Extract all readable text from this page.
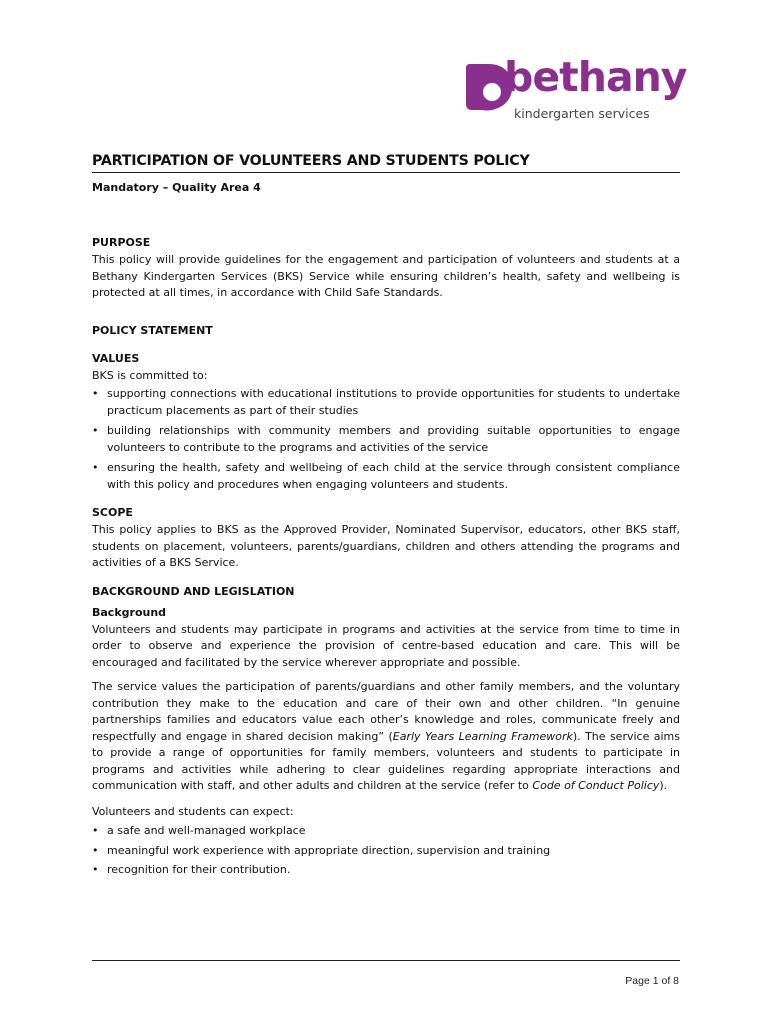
bethany
kindergarten services
PARTICIPATION OF VOLUNTEERS AND STUDENTS POLICY
Mandatory – Quality Area 4
PURPOSE

This policy will provide guidelines for the engagement and participation of volunteers and students at a Bethany Kindergarten Services (BKS) Service while ensuring children’s health, safety and wellbeing is protected at all times, in accordance with Child Safe Standards.

POLICY STATEMENT
VALUES

BKS is committed to:

• supporting connections with educational institutions to provide opportunities for students to undertake practicum placements as part of their studies
• building relationships with community members and providing suitable opportunities to engage volunteers to contribute to the programs and activities of the service
• ensuring the health, safety and wellbeing of each child at the service through consistent compliance with this policy and procedures when engaging volunteers and students.
SCOPE

This policy applies to BKS as the Approved Provider, Nominated Supervisor, educators, other BKS staff, students on placement, volunteers, parents/guardians, children and others attending the programs and activities of a BKS Service.

BACKGROUND AND LEGISLATION
Background

Volunteers and students may participate in programs and activities at the service from time to time in order to observe and experience the provision of centre-based education and care. This will be encouraged and facilitated by the service wherever appropriate and possible.

The service values the participation of parents/guardians and other family members, and the voluntary contribution they make to the education and care of their own and other children. “In genuine partnerships families and educators value each other’s knowledge and roles, communicate freely and respectfully and engage in shared decision making” (Early Years Learning Framework). The service aims to provide a range of opportunities for family members, volunteers and students to participate in programs and activities while adhering to clear guidelines regarding appropriate interactions and communication with staff, and other adults and children at the service (refer to Code of Conduct Policy).

Volunteers and students can expect:

• a safe and well-managed workplace
• meaningful work experience with appropriate direction, supervision and training
• recognition for their contribution.
Page 1 of 8
